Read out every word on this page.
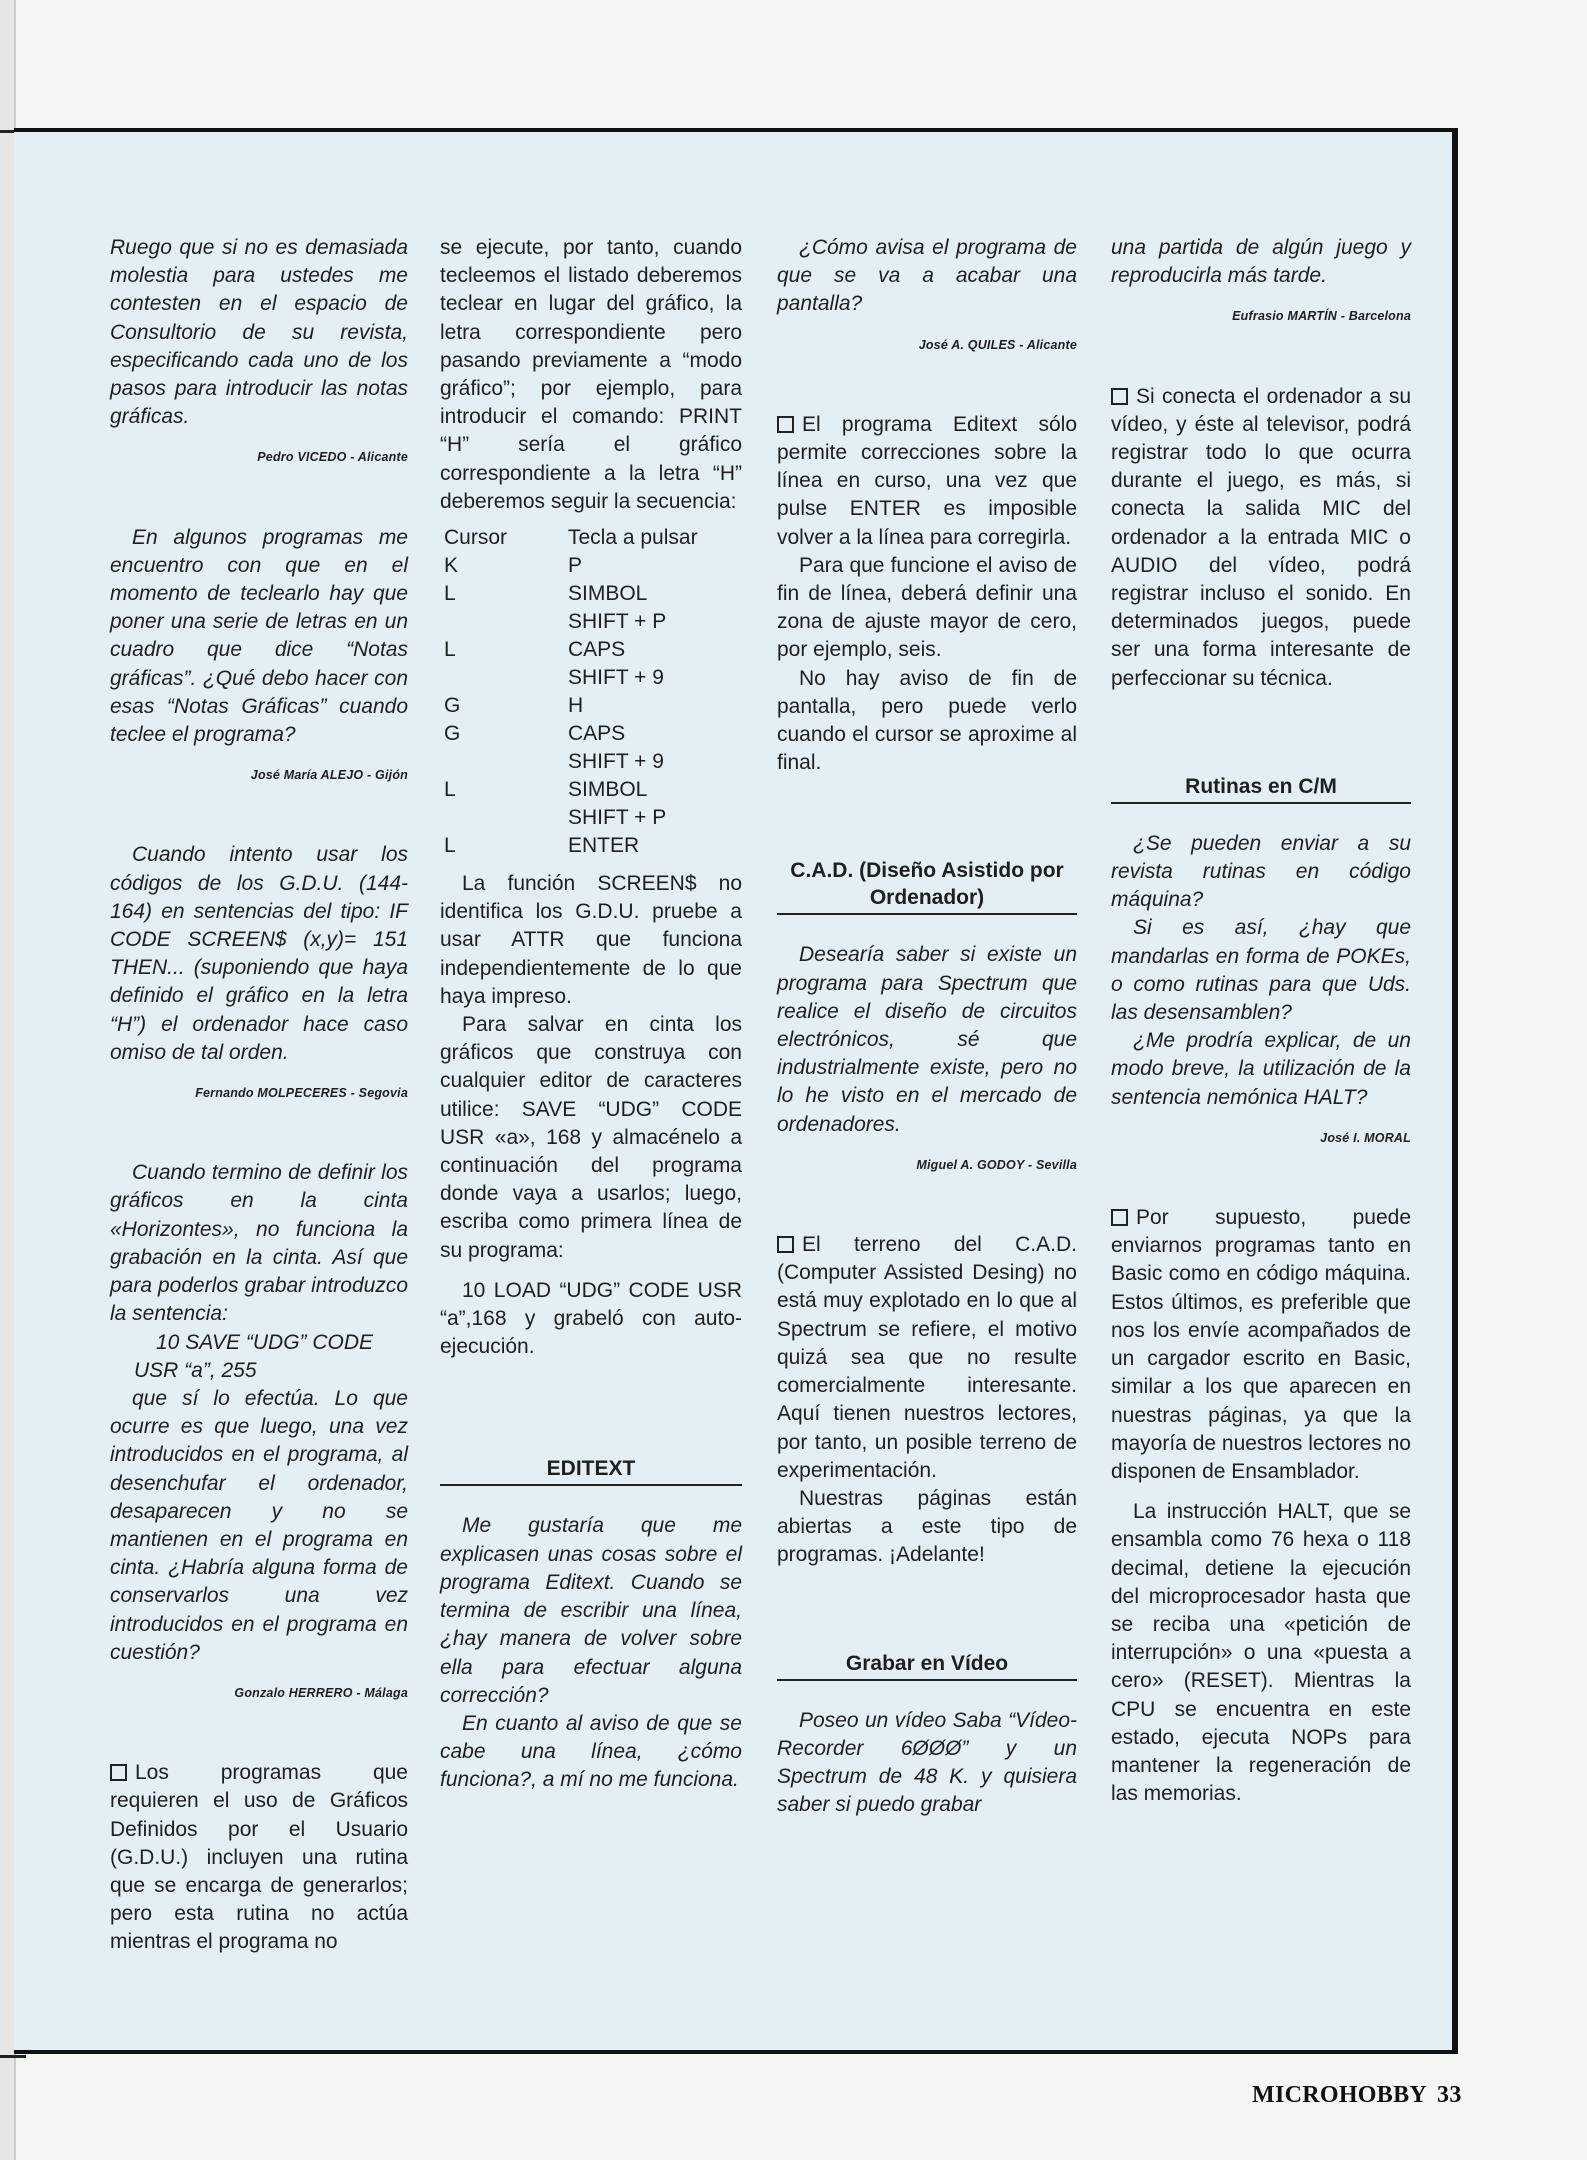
Ruego que si no es demasiada molestia para ustedes me contesten en el espacio de Consultorio de su revista, especificando cada uno de los pasos para introducir las notas gráficas.

Pedro VICEDO - Alicante

En algunos programas me encuentro con que en el momento de teclearlo hay que poner una serie de letras en un cuadro que dice “Notas gráficas”. ¿Qué debo hacer con esas “Notas Gráficas” cuando teclee el programa?

José María ALEJO - Gijón

Cuando intento usar los códigos de los G.D.U. (144-164) en sentencias del tipo: IF CODE SCREEN$ (x,y)= 151 THEN... (suponiendo que haya definido el gráfico en la letra “H”) el ordenador hace caso omiso de tal orden.

Fernando MOLPECERES - Segovia

Cuando termino de definir los gráficos en la cinta «Horizontes», no funciona la grabación en la cinta. Así que para poderlos grabar introduzco la sentencia:

10 SAVE “UDG” CODE USR “a”, 255

que sí lo efectúa. Lo que ocurre es que luego, una vez introducidos en el programa, al desenchufar el ordenador, desaparecen y no se mantienen en el programa en cinta. ¿Habría alguna forma de conservarlos una vez introducidos en el programa en cuestión?

Gonzalo HERRERO - Málaga

Los programas que requieren el uso de Gráficos Definidos por el Usuario (G.D.U.) incluyen una rutina que se encarga de generarlos; pero esta rutina no actúa mientras el programa no

se ejecute, por tanto, cuando tecleemos el listado deberemos teclear en lugar del gráfico, la letra correspondiente pero pasando previamente a “modo gráfico”; por ejemplo, para introducir el comando: PRINT “H” sería el gráfico correspondiente a la letra “H” deberemos seguir la secuencia:

Cursor	Tecla a pulsar
K	P
L	SIMBOL
	SHIFT + P
L	CAPS
	SHIFT + 9
G	H
G	CAPS
	SHIFT + 9
L	SIMBOL
	SHIFT + P
L	ENTER

La función SCREEN$ no identifica los G.D.U. pruebe a usar ATTR que funciona independientemente de lo que haya impreso.

Para salvar en cinta los gráficos que construya con cualquier editor de caracteres utilice: SAVE “UDG” CODE USR «a», 168 y almacénelo a continuación del programa donde vaya a usarlos; luego, escriba como primera línea de su programa:

10 LOAD “UDG” CODE USR “a”,168 y grabeló con auto-ejecución.

EDITEXT

Me gustaría que me explicasen unas cosas sobre el programa Editext. Cuando se termina de escribir una línea, ¿hay manera de volver sobre ella para efectuar alguna corrección?

En cuanto al aviso de que se cabe una línea, ¿cómo funciona?, a mí no me funciona.

¿Cómo avisa el programa de que se va a acabar una pantalla?

José A. QUILES - Alicante

El programa Editext sólo permite correcciones sobre la línea en curso, una vez que pulse ENTER es imposible volver a la línea para corregirla.

Para que funcione el aviso de fin de línea, deberá definir una zona de ajuste mayor de cero, por ejemplo, seis.

No hay aviso de fin de pantalla, pero puede verlo cuando el cursor se aproxime al final.

C.A.D. (Diseño Asistido por Ordenador)

Desearía saber si existe un programa para Spectrum que realice el diseño de circuitos electrónicos, sé que industrialmente existe, pero no lo he visto en el mercado de ordenadores.

Miguel A. GODOY - Sevilla

El terreno del C.A.D. (Computer Assisted Desing) no está muy explotado en lo que al Spectrum se refiere, el motivo quizá sea que no resulte comercialmente interesante. Aquí tienen nuestros lectores, por tanto, un posible terreno de experimentación.

Nuestras páginas están abiertas a este tipo de programas. ¡Adelante!

Grabar en Vídeo

Poseo un vídeo Saba “Vídeo-Recorder 6ØØØ” y un Spectrum de 48 K. y quisiera saber si puedo grabar

una partida de algún juego y reproducirla más tarde.

Eufrasio MARTÍN - Barcelona

Si conecta el ordenador a su vídeo, y éste al televisor, podrá registrar todo lo que ocurra durante el juego, es más, si conecta la salida MIC del ordenador a la entrada MIC o AUDIO del vídeo, podrá registrar incluso el sonido. En determinados juegos, puede ser una forma interesante de perfeccionar su técnica.

Rutinas en C/M

¿Se pueden enviar a su revista rutinas en código máquina?

Si es así, ¿hay que mandarlas en forma de POKEs, o como rutinas para que Uds. las desensamblen?

¿Me prodría explicar, de un modo breve, la utilización de la sentencia nemónica HALT?

José I. MORAL

Por supuesto, puede enviarnos programas tanto en Basic como en código máquina. Estos últimos, es preferible que nos los envíe acompañados de un cargador escrito en Basic, similar a los que aparecen en nuestras páginas, ya que la mayoría de nuestros lectores no disponen de Ensamblador.

La instrucción HALT, que se ensambla como 76 hexa o 118 decimal, detiene la ejecución del microprocesador hasta que se reciba una «petición de interrupción» o una «puesta a cero» (RESET). Mientras la CPU se encuentra en este estado, ejecuta NOPs para mantener la regeneración de las memorias.

MICROHOBBY 33
